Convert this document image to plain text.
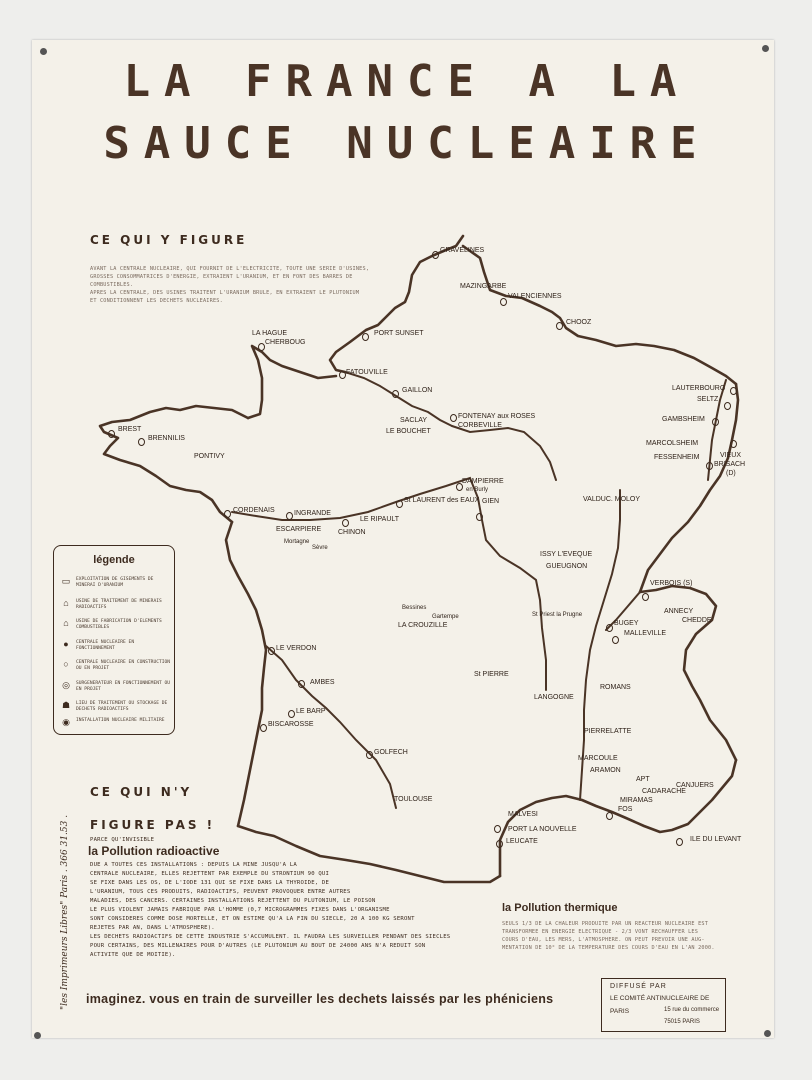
LA FRANCE A LA
SAUCE NUCLEAIRE
CE QUI Y FIGURE
AVANT LA CENTRALE NUCLEAIRE, QUI FOURNIT DE L'ELECTRICITE, TOUTE UNE SERIE D'USINES,
GROSSES CONSOMMATRICES D'ENERGIE, EXTRAIENT L'URANIUM, ET EN FONT DES BARRES DE
COMBUSTIBLES.
APRES LA CENTRALE, DES USINES TRAITENT L'URANIUM BRULE, EN EXTRAIENT LE PLUTONIUM
ET CONDITIONNENT LES DECHETS NUCLEAIRES.
GRAVELINES
MAZINGARBE
VALENCIENNES
CHOOZ
LA HAGUE
CHERBOUG
PORT SUNSET
FATOUVILLE
GAILLON
FONTENAY aux ROSES
SACLAY
CORBEVILLE
LE BOUCHET
LAUTERBOURG
SELTZ
GAMBSHEIM
MARCOLSHEIM
FESSENHEIM	VIEUX
BRISACH
(D)
BREST
BRENNILIS
PONTIVY
DAMPIERRE
en Burly
St LAURENT des EAUX GIEN	VALDUC. MOLOY
CORDENAIS	INGRANDE
LE RIPAULT
CHINON
ESCARPIERE
Mortagne
Sèvre
ISSY L'EVEQUE
GUEUGNON
VERBOIS (S)
ANNECY
CHEDDE
Bessines
Gartempe
LA CROUZILLE
St Priest la Prugne
BUGEY
MALLEVILLE
LE VERDON
St PIERRE
AMBES
LANGOGNE
ROMANS
LE BARP
BISCAROSSE
PIERRELATTE
GOLFECH
MARCOULE
ARAMON
APT
CANJUERS
CADARACHE
MIRAMAS
TOULOUSE
MALVESI
PORT LA NOUVELLE
FOS
LEUCATE	ILE DU LEVANT
légende
▭	EXPLOITATION DE GISEMENTS DE MINERAI D'URANIUM
⌂	USINE DE TRAITEMENT DE MINERAIS RADIOACTIFS
⌂	USINE DE FABRICATION D'ELEMENTS COMBUSTIBLES
●	CENTRALE NUCLEAIRE EN FONCTIONNEMENT
○	CENTRALE NUCLEAIRE EN CONSTRUCTION OU EN PROJET
◎	SURGENERATEUR EN FONCTIONNEMENT OU EN PROJET
☗	LIEU DE TRAITEMENT OU STOCKAGE DE DECHETS RADIOACTIFS
◉	INSTALLATION NUCLEAIRE MILITAIRE
CE QUI N'Y
FIGURE PAS !
PARCE QU'INVISIBLE
la Pollution radioactive
DUE A TOUTES CES INSTALLATIONS : DEPUIS LA MINE JUSQU'A LA
CENTRALE NUCLEAIRE, ELLES REJETTENT PAR EXEMPLE DU STRONTIUM 90 QUI
SE FIXE DANS LES OS, DE L'IODE 131 QUI SE FIXE DANS LA THYROIDE, DE
L'URANIUM, TOUS CES PRODUITS, RADIOACTIFS, PEUVENT PROVOQUER ENTRE AUTRES
MALADIES, DES CANCERS. CERTAINES INSTALLATIONS REJETTENT DU PLUTONIUM, LE POISON
LE PLUS VIOLENT JAMAIS FABRIQUE PAR L'HOMME (0,7 MICROGRAMMES FIXES DANS L'ORGANISME
SONT CONSIDERES COMME DOSE MORTELLE, ET ON ESTIME QU'A LA FIN DU SIECLE, 20 A 100 KG SERONT
REJETES PAR AN, DANS L'ATMOSPHERE).
LES DECHETS RADIOACTIFS DE CETTE INDUSTRIE S'ACCUMULENT. IL FAUDRA LES SURVEILLER PENDANT DES SIECLES
POUR CERTAINS, DES MILLENAIRES POUR D'AUTRES (LE PLUTONIUM AU BOUT DE 24000 ANS N'A REDUIT SON
ACTIVITE QUE DE MOITIE).
la Pollution thermique
SEULS 1/3 DE LA CHALEUR PRODUITE PAR UN REACTEUR NUCLEAIRE EST
TRANSFORMEE EN ENERGIE ELECTRIQUE - 2/3 VONT RECHAUFFER LES
COURS D'EAU, LES MERS, L'ATMOSPHERE. ON PEUT PREVOIR UNE AUG-
MENTATION DE 10° DE LA TEMPERATURE DES COURS D'EAU EN L'AN 2000.
imaginez. vous en train de surveiller les dechets laissés par les phéniciens
"les Imprimeurs Libres" Paris . 366 31.53 .	DIFFUSÉ PAR
LE COMITÉ ANTINUCLEAIRE DE
PARIS	15 rue du commerce
75015 PARIS
